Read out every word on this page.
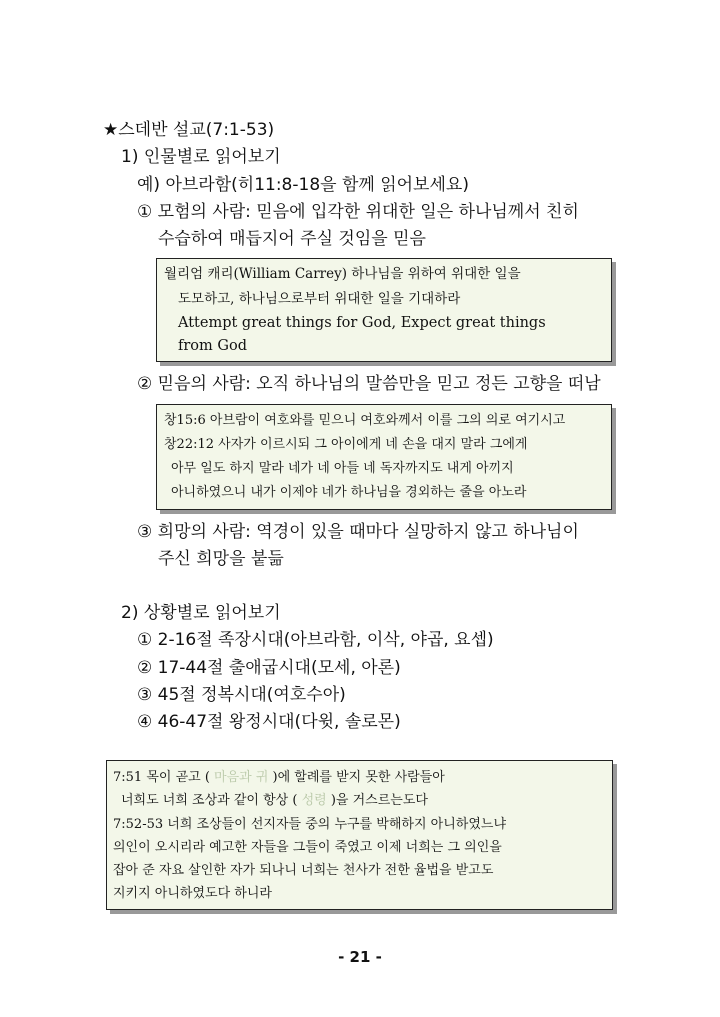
★스데반 설교(7:1-53)
1) 인물별로 읽어보기
예) 아브라함(히11:8-18을 함께 읽어보세요)
① 모험의 사람: 믿음에 입각한 위대한 일은 하나님께서 친히
수습하여 매듭지어 주실 것임을 믿음
월리엄 캐리(William Carrey) 하나님을 위하여 위대한 일을
도모하고, 하나님으로부터 위대한 일을 기대하라
Attempt great things for God, Expect great things
from God
② 믿음의 사람: 오직 하나님의 말씀만을 믿고 정든 고향을 떠남
창15:6 아브람이 여호와를 믿으니 여호와께서 이를 그의 의로 여기시고
창22:12 사자가 이르시되 그 아이에게 네 손을 대지 말라 그에게
아무 일도 하지 말라 네가 네 아들 네 독자까지도 내게 아끼지
아니하였으니 내가 이제야 네가 하나님을 경외하는 줄을 아노라
③ 희망의 사람: 역경이 있을 때마다 실망하지 않고 하나님이
주신 희망을 붙듦
2) 상황별로 읽어보기
① 2-16절 족장시대(아브라함, 이삭, 야곱, 요셉)
② 17-44절 출애굽시대(모세, 아론)
③ 45절 정복시대(여호수아)
④ 46-47절 왕정시대(다윗, 솔로몬)
7:51 목이 곧고 ( 마음과 귀 )에 할례를 받지 못한 사람들아
너희도 너희 조상과 같이 항상 ( 성령 )을 거스르는도다
7:52-53 너희 조상들이 선지자들 중의 누구를 박해하지 아니하였느냐
의인이 오시리라 예고한 자들을 그들이 죽였고 이제 너희는 그 의인을
잡아 준 자요 살인한 자가 되나니 너희는 천사가 전한 율법을 받고도
지키지 아니하였도다 하니라
- 21 -
